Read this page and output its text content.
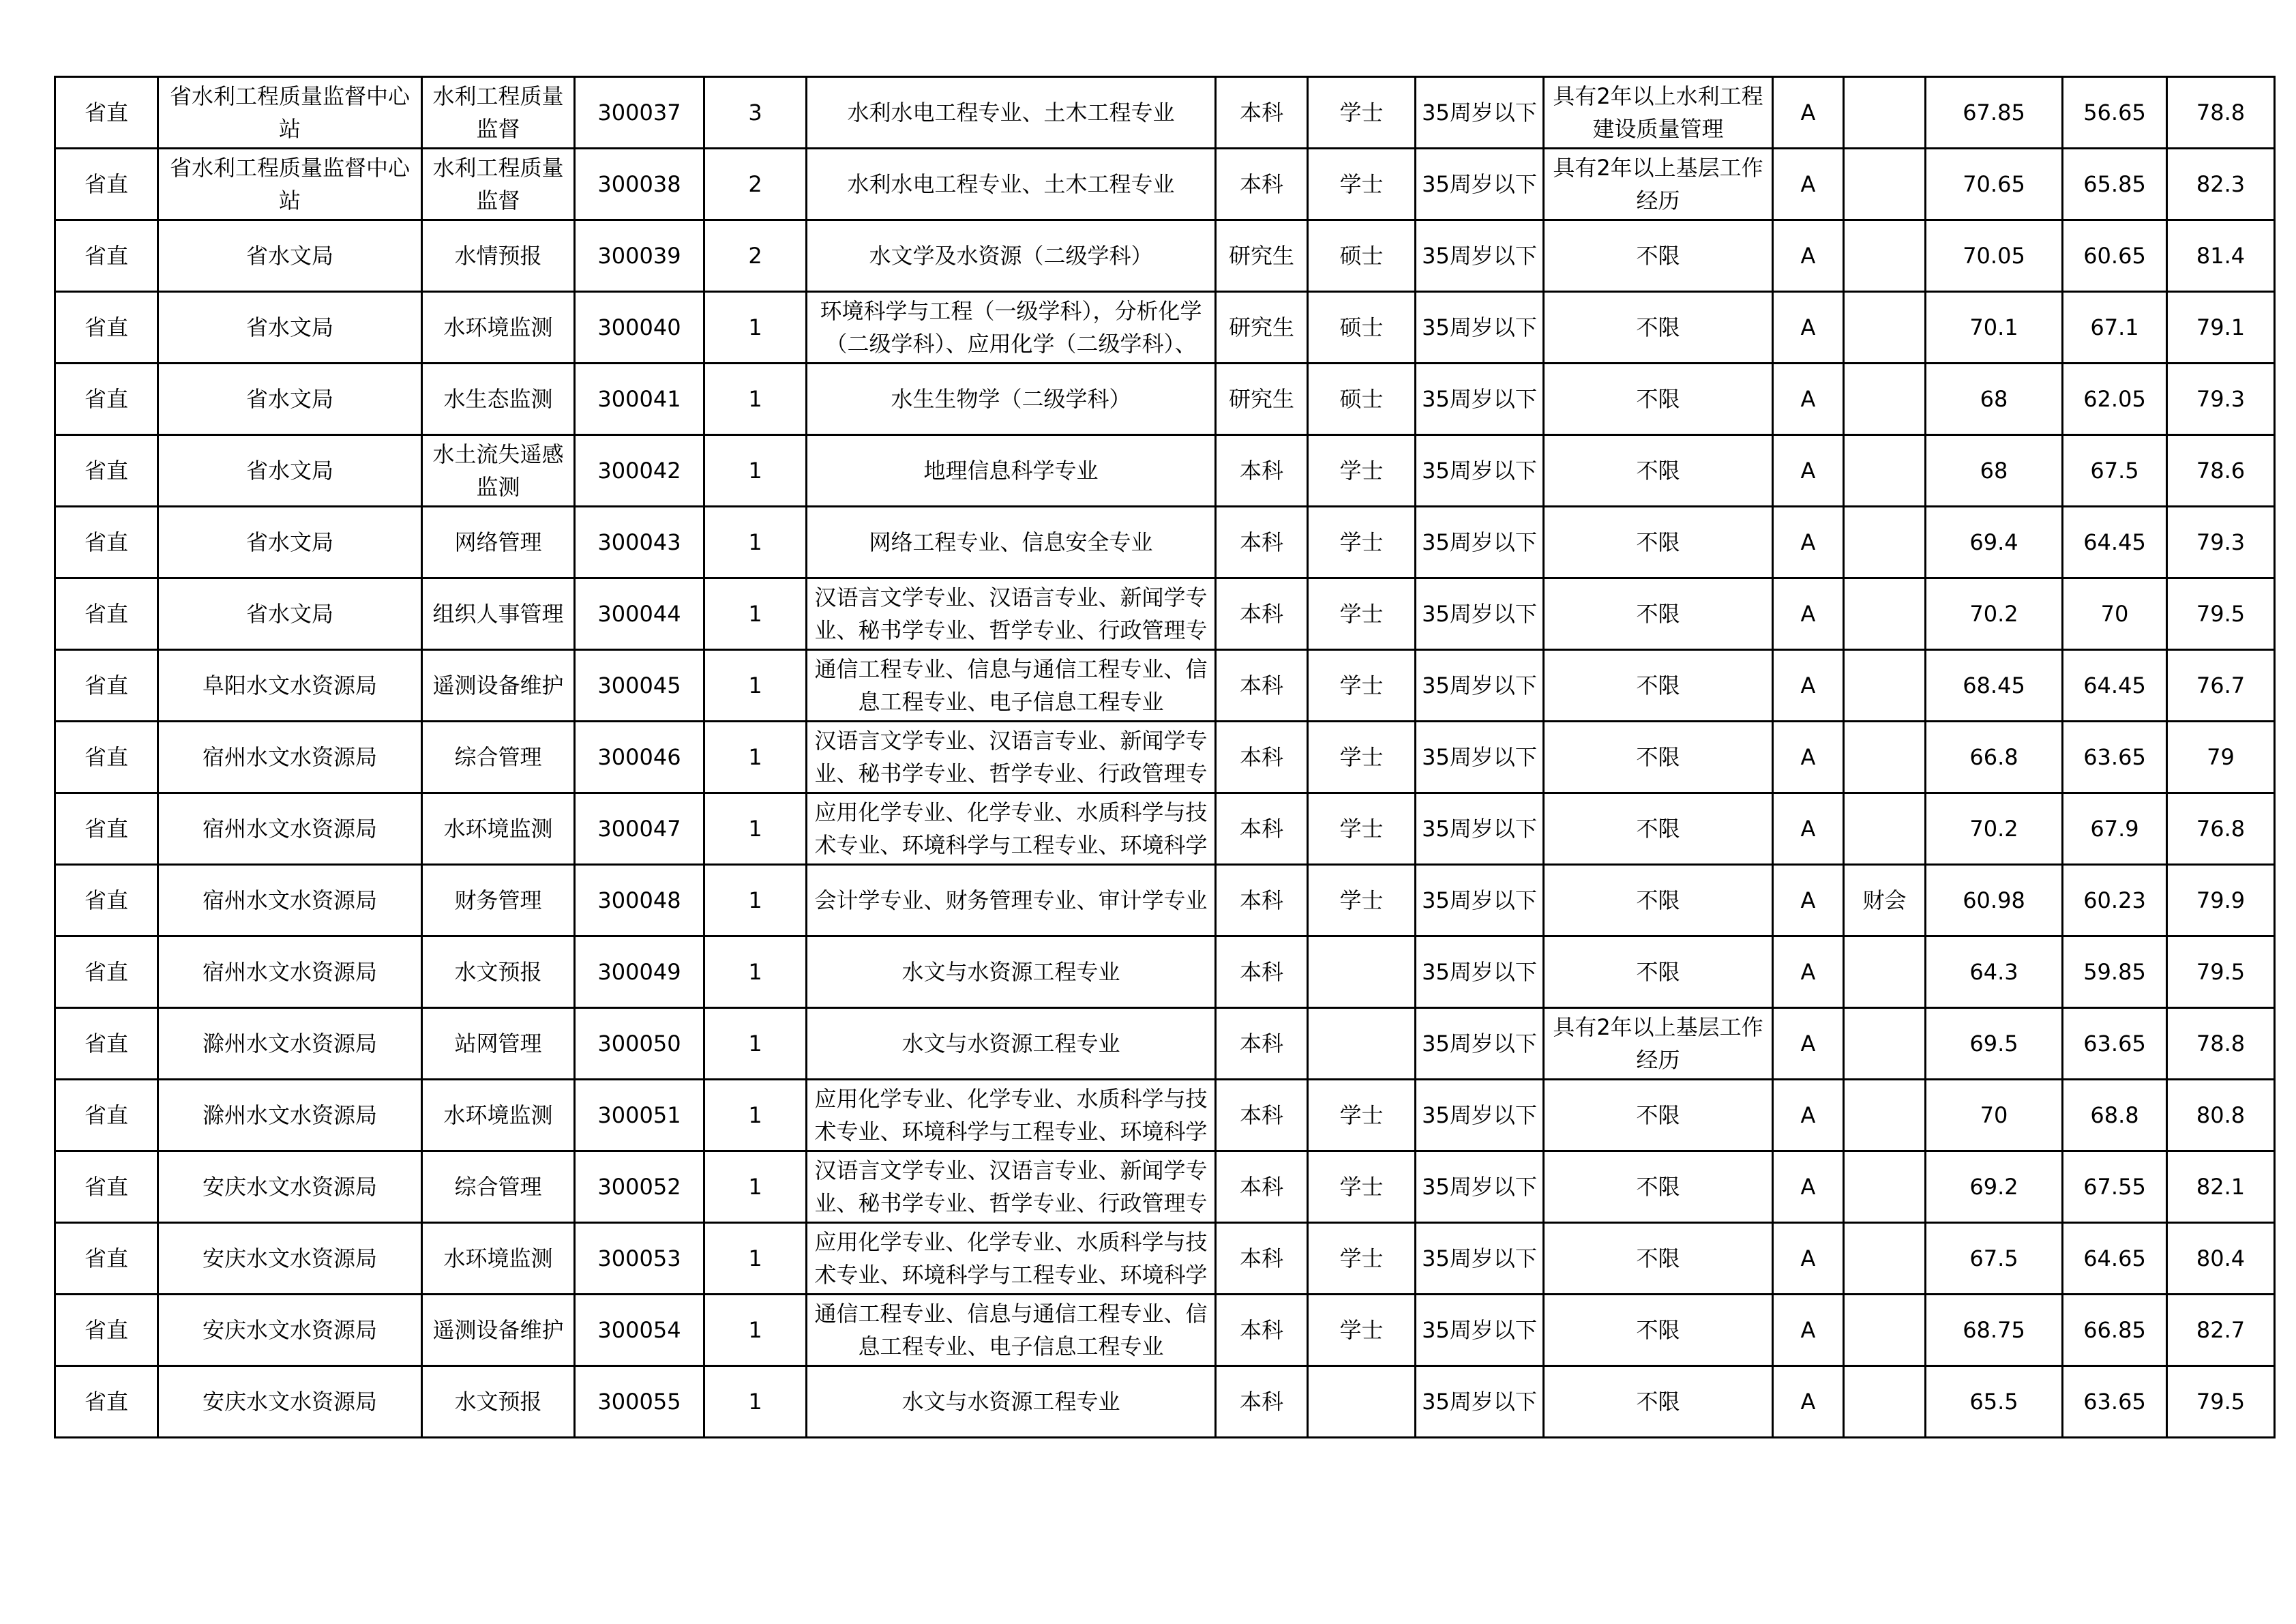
省直	省水利工程质量监督中心站	水利工程质量监督	300037	3	水利水电工程专业、土木工程专业	本科	学士	35周岁以下	具有2年以上水利工程建设质量管理	A		67.85	56.65	78.8

省直	省水利工程质量监督中心站	水利工程质量监督	300038	2	水利水电工程专业、土木工程专业	本科	学士	35周岁以下	具有2年以上基层工作经历	A		70.65	65.85	82.3

省直	省水文局	水情预报	300039	2	水文学及水资源（二级学科）	研究生	硕士	35周岁以下	不限	A		70.05	60.65	81.4

省直	省水文局	水环境监测	300040	1	环境科学与工程（一级学科），分析化学（二级学科）、应用化学（二级学科）、	研究生	硕士	35周岁以下	不限	A		70.1	67.1	79.1

省直	省水文局	水生态监测	300041	1	水生生物学（二级学科）	研究生	硕士	35周岁以下	不限	A		68	62.05	79.3

省直	省水文局	水土流失遥感监测	300042	1	地理信息科学专业	本科	学士	35周岁以下	不限	A		68	67.5	78.6

省直	省水文局	网络管理	300043	1	网络工程专业、信息安全专业	本科	学士	35周岁以下	不限	A		69.4	64.45	79.3

省直	省水文局	组织人事管理	300044	1	汉语言文学专业、汉语言专业、新闻学专业、秘书学专业、哲学专业、行政管理专	本科	学士	35周岁以下	不限	A		70.2	70	79.5

省直	阜阳水文水资源局	遥测设备维护	300045	1	通信工程专业、信息与通信工程专业、信息工程专业、电子信息工程专业	本科	学士	35周岁以下	不限	A		68.45	64.45	76.7

省直	宿州水文水资源局	综合管理	300046	1	汉语言文学专业、汉语言专业、新闻学专业、秘书学专业、哲学专业、行政管理专	本科	学士	35周岁以下	不限	A		66.8	63.65	79

省直	宿州水文水资源局	水环境监测	300047	1	应用化学专业、化学专业、水质科学与技术专业、环境科学与工程专业、环境科学	本科	学士	35周岁以下	不限	A		70.2	67.9	76.8

省直	宿州水文水资源局	财务管理	300048	1	会计学专业、财务管理专业、审计学专业	本科	学士	35周岁以下	不限	A	财会	60.98	60.23	79.9

省直	宿州水文水资源局	水文预报	300049	1	水文与水资源工程专业	本科		35周岁以下	不限	A		64.3	59.85	79.5

省直	滁州水文水资源局	站网管理	300050	1	水文与水资源工程专业	本科		35周岁以下	具有2年以上基层工作经历	A		69.5	63.65	78.8

省直	滁州水文水资源局	水环境监测	300051	1	应用化学专业、化学专业、水质科学与技术专业、环境科学与工程专业、环境科学	本科	学士	35周岁以下	不限	A		70	68.8	80.8

省直	安庆水文水资源局	综合管理	300052	1	汉语言文学专业、汉语言专业、新闻学专业、秘书学专业、哲学专业、行政管理专	本科	学士	35周岁以下	不限	A		69.2	67.55	82.1

省直	安庆水文水资源局	水环境监测	300053	1	应用化学专业、化学专业、水质科学与技术专业、环境科学与工程专业、环境科学	本科	学士	35周岁以下	不限	A		67.5	64.65	80.4

省直	安庆水文水资源局	遥测设备维护	300054	1	通信工程专业、信息与通信工程专业、信息工程专业、电子信息工程专业	本科	学士	35周岁以下	不限	A		68.75	66.85	82.7

省直	安庆水文水资源局	水文预报	300055	1	水文与水资源工程专业	本科		35周岁以下	不限	A		65.5	63.65	79.5
